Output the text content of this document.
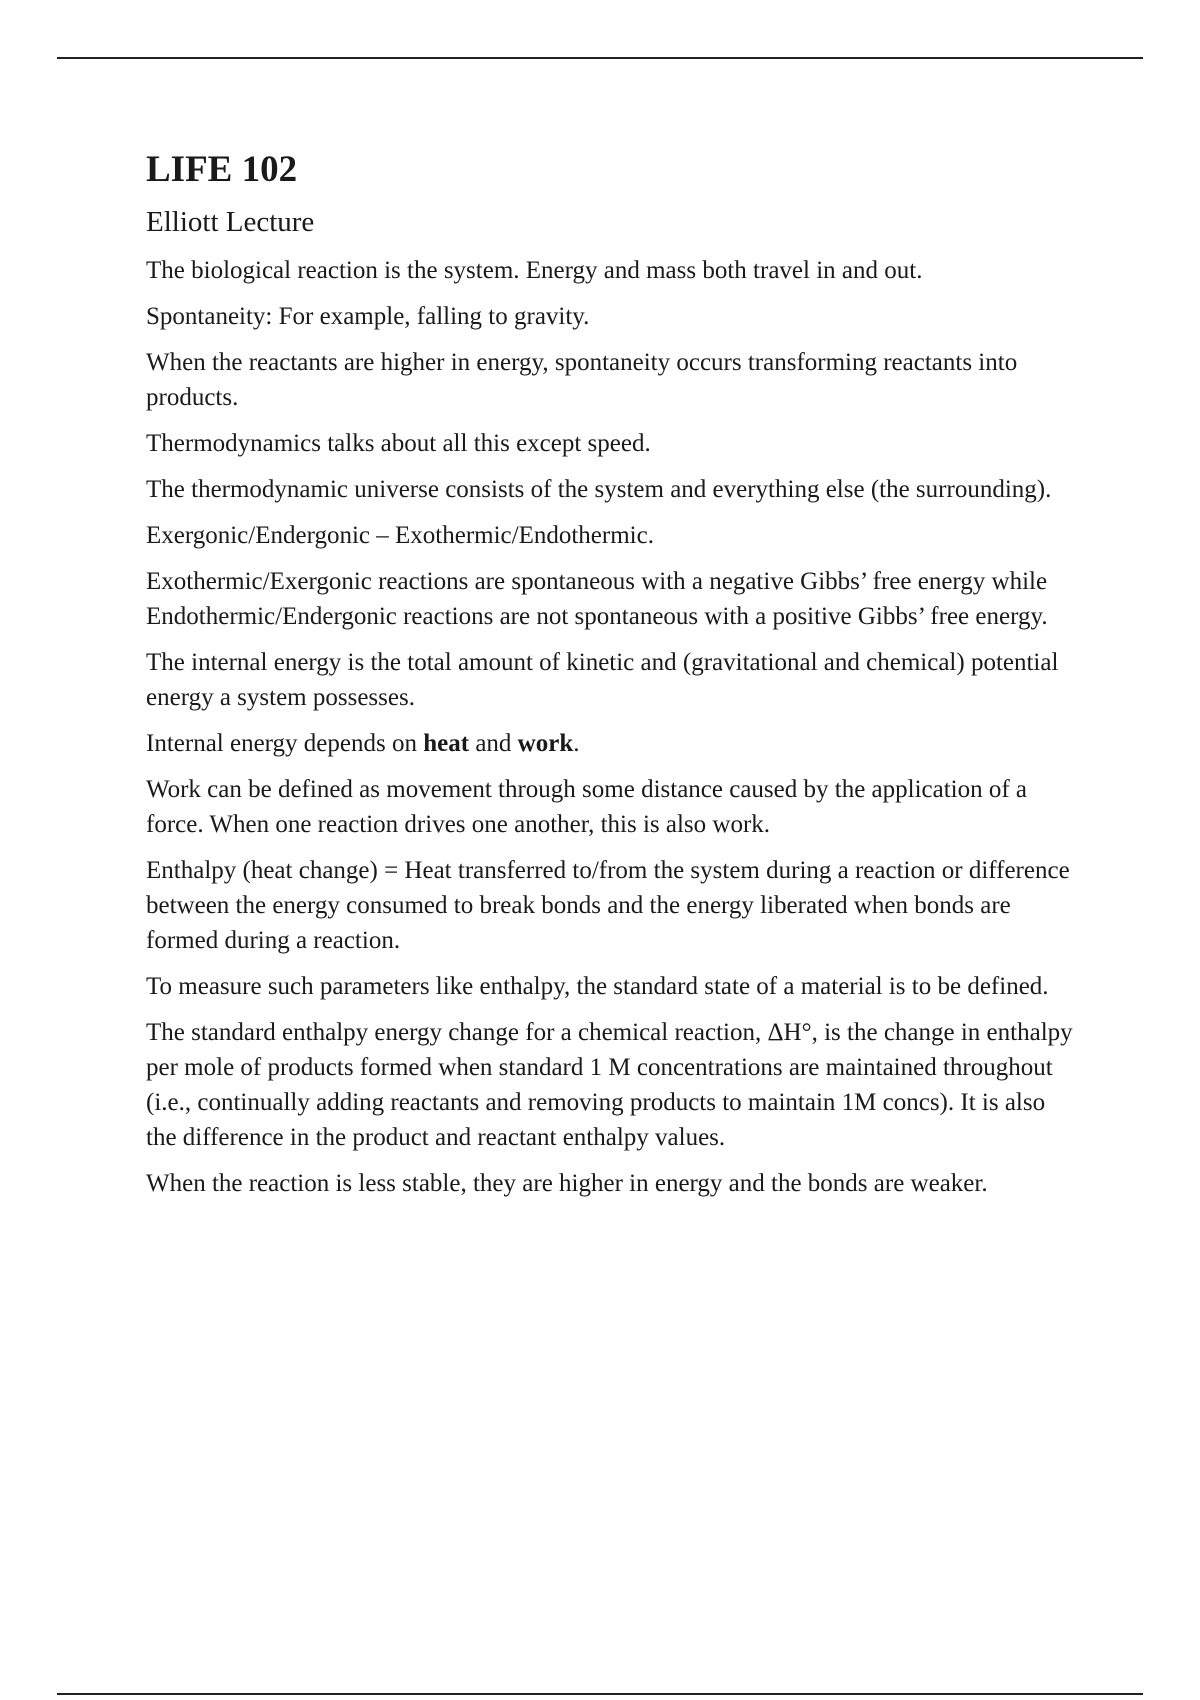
LIFE 102
Elliott Lecture

The biological reaction is the system. Energy and mass both travel in and out.

Spontaneity: For example, falling to gravity.

When the reactants are higher in energy, spontaneity occurs transforming reactants into products.

Thermodynamics talks about all this except speed.

The thermodynamic universe consists of the system and everything else (the surrounding).

Exergonic/Endergonic – Exothermic/Endothermic.

Exothermic/Exergonic reactions are spontaneous with a negative Gibbs’ free energy while Endothermic/Endergonic reactions are not spontaneous with a positive Gibbs’ free energy.

The internal energy is the total amount of kinetic and (gravitational and chemical) potential energy a system possesses.

Internal energy depends on heat and work.

Work can be defined as movement through some distance caused by the application of a force. When one reaction drives one another, this is also work.

Enthalpy (heat change) = Heat transferred to/from the system during a reaction or difference between the energy consumed to break bonds and the energy liberated when bonds are formed during a reaction.

To measure such parameters like enthalpy, the standard state of a material is to be defined.

The standard enthalpy energy change for a chemical reaction, ΔH°, is the change in enthalpy per mole of products formed when standard 1 M concentrations are maintained throughout (i.e., continually adding reactants and removing products to maintain 1M concs). It is also the difference in the product and reactant enthalpy values.

When the reaction is less stable, they are higher in energy and the bonds are weaker.
